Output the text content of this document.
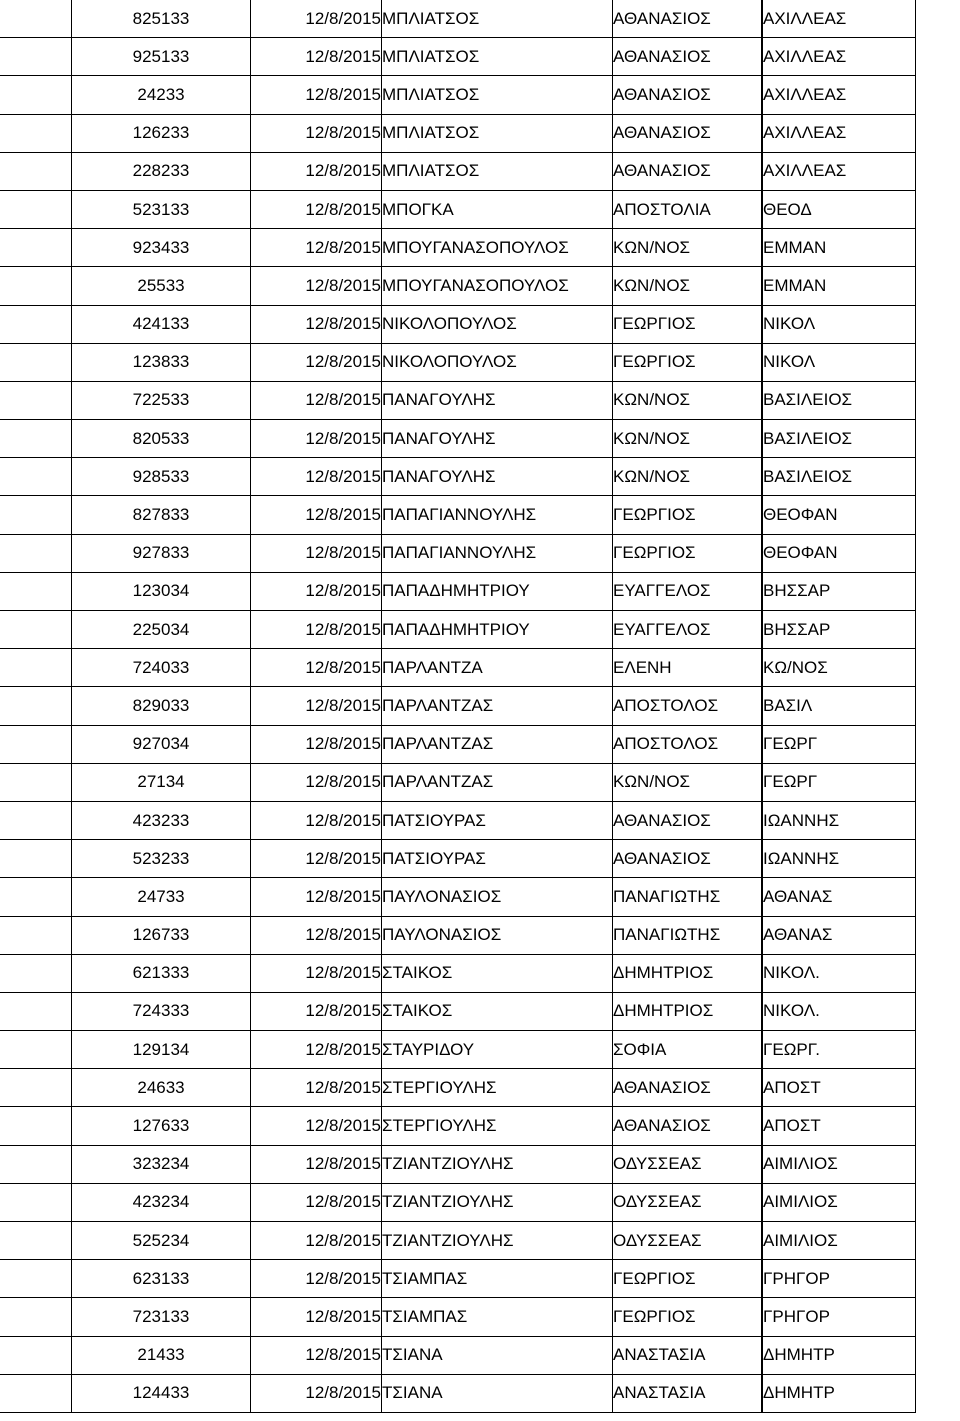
	825133	12/8/2015	ΜΠΛΙΑΤΣΟΣ	ΑΘΑΝΑΣΙΟΣ	ΑΧΙΛΛΕΑΣ
	925133	12/8/2015	ΜΠΛΙΑΤΣΟΣ	ΑΘΑΝΑΣΙΟΣ	ΑΧΙΛΛΕΑΣ
	24233	12/8/2015	ΜΠΛΙΑΤΣΟΣ	ΑΘΑΝΑΣΙΟΣ	ΑΧΙΛΛΕΑΣ
	126233	12/8/2015	ΜΠΛΙΑΤΣΟΣ	ΑΘΑΝΑΣΙΟΣ	ΑΧΙΛΛΕΑΣ
	228233	12/8/2015	ΜΠΛΙΑΤΣΟΣ	ΑΘΑΝΑΣΙΟΣ	ΑΧΙΛΛΕΑΣ
	523133	12/8/2015	ΜΠΟΓΚΑ	ΑΠΟΣΤΟΛΙΑ	ΘΕΟΔ
	923433	12/8/2015	ΜΠΟΥΓΑΝΑΣΟΠΟΥΛΟΣ	ΚΩΝ/ΝΟΣ	ΕΜΜΑΝ
	25533	12/8/2015	ΜΠΟΥΓΑΝΑΣΟΠΟΥΛΟΣ	ΚΩΝ/ΝΟΣ	ΕΜΜΑΝ
	424133	12/8/2015	ΝΙΚΟΛΟΠΟΥΛΟΣ	ΓΕΩΡΓΙΟΣ	ΝΙΚΟΛ
	123833	12/8/2015	ΝΙΚΟΛΟΠΟΥΛΟΣ	ΓΕΩΡΓΙΟΣ	ΝΙΚΟΛ
	722533	12/8/2015	ΠΑΝΑΓΟΥΛΗΣ	ΚΩΝ/ΝΟΣ	ΒΑΣΙΛΕΙΟΣ
	820533	12/8/2015	ΠΑΝΑΓΟΥΛΗΣ	ΚΩΝ/ΝΟΣ	ΒΑΣΙΛΕΙΟΣ
	928533	12/8/2015	ΠΑΝΑΓΟΥΛΗΣ	ΚΩΝ/ΝΟΣ	ΒΑΣΙΛΕΙΟΣ
	827833	12/8/2015	ΠΑΠΑΓΙΑΝΝΟΥΛΗΣ	ΓΕΩΡΓΙΟΣ	ΘΕΟΦΑΝ
	927833	12/8/2015	ΠΑΠΑΓΙΑΝΝΟΥΛΗΣ	ΓΕΩΡΓΙΟΣ	ΘΕΟΦΑΝ
	123034	12/8/2015	ΠΑΠΑΔΗΜΗΤΡΙΟΥ	ΕΥΑΓΓΕΛΟΣ	ΒΗΣΣΑΡ
	225034	12/8/2015	ΠΑΠΑΔΗΜΗΤΡΙΟΥ	ΕΥΑΓΓΕΛΟΣ	ΒΗΣΣΑΡ
	724033	12/8/2015	ΠΑΡΛΑΝΤΖΑ	ΕΛΕΝΗ	ΚΩ/ΝΟΣ
	829033	12/8/2015	ΠΑΡΛΑΝΤΖΑΣ	ΑΠΟΣΤΟΛΟΣ	ΒΑΣΙΛ
	927034	12/8/2015	ΠΑΡΛΑΝΤΖΑΣ	ΑΠΟΣΤΟΛΟΣ	ΓΕΩΡΓ
	27134	12/8/2015	ΠΑΡΛΑΝΤΖΑΣ	ΚΩΝ/ΝΟΣ	ΓΕΩΡΓ
	423233	12/8/2015	ΠΑΤΣΙΟΥΡΑΣ	ΑΘΑΝΑΣΙΟΣ	ΙΩΑΝΝΗΣ
	523233	12/8/2015	ΠΑΤΣΙΟΥΡΑΣ	ΑΘΑΝΑΣΙΟΣ	ΙΩΑΝΝΗΣ
	24733	12/8/2015	ΠΑΥΛΟΝΑΣΙΟΣ	ΠΑΝΑΓΙΩΤΗΣ	ΑΘΑΝΑΣ
	126733	12/8/2015	ΠΑΥΛΟΝΑΣΙΟΣ	ΠΑΝΑΓΙΩΤΗΣ	ΑΘΑΝΑΣ
	621333	12/8/2015	ΣΤΑΙΚΟΣ	ΔΗΜΗΤΡΙΟΣ	ΝΙΚΟΛ.
	724333	12/8/2015	ΣΤΑΙΚΟΣ	ΔΗΜΗΤΡΙΟΣ	ΝΙΚΟΛ.
	129134	12/8/2015	ΣΤΑΥΡΙΔΟΥ	ΣΟΦΙΑ	ΓΕΩΡΓ.
	24633	12/8/2015	ΣΤΕΡΓΙΟΥΛΗΣ	ΑΘΑΝΑΣΙΟΣ	ΑΠΟΣΤ
	127633	12/8/2015	ΣΤΕΡΓΙΟΥΛΗΣ	ΑΘΑΝΑΣΙΟΣ	ΑΠΟΣΤ
	323234	12/8/2015	ΤΖΙΑΝΤΖΙΟΥΛΗΣ	ΟΔΥΣΣΕΑΣ	ΑΙΜΙΛΙΟΣ
	423234	12/8/2015	ΤΖΙΑΝΤΖΙΟΥΛΗΣ	ΟΔΥΣΣΕΑΣ	ΑΙΜΙΛΙΟΣ
	525234	12/8/2015	ΤΖΙΑΝΤΖΙΟΥΛΗΣ	ΟΔΥΣΣΕΑΣ	ΑΙΜΙΛΙΟΣ
	623133	12/8/2015	ΤΣΙΑΜΠΑΣ	ΓΕΩΡΓΙΟΣ	ΓΡΗΓΟΡ
	723133	12/8/2015	ΤΣΙΑΜΠΑΣ	ΓΕΩΡΓΙΟΣ	ΓΡΗΓΟΡ
	21433	12/8/2015	ΤΣΙΑΝΑ	ΑΝΑΣΤΑΣΙΑ	ΔΗΜΗΤΡ
	124433	12/8/2015	ΤΣΙΑΝΑ	ΑΝΑΣΤΑΣΙΑ	ΔΗΜΗΤΡ
